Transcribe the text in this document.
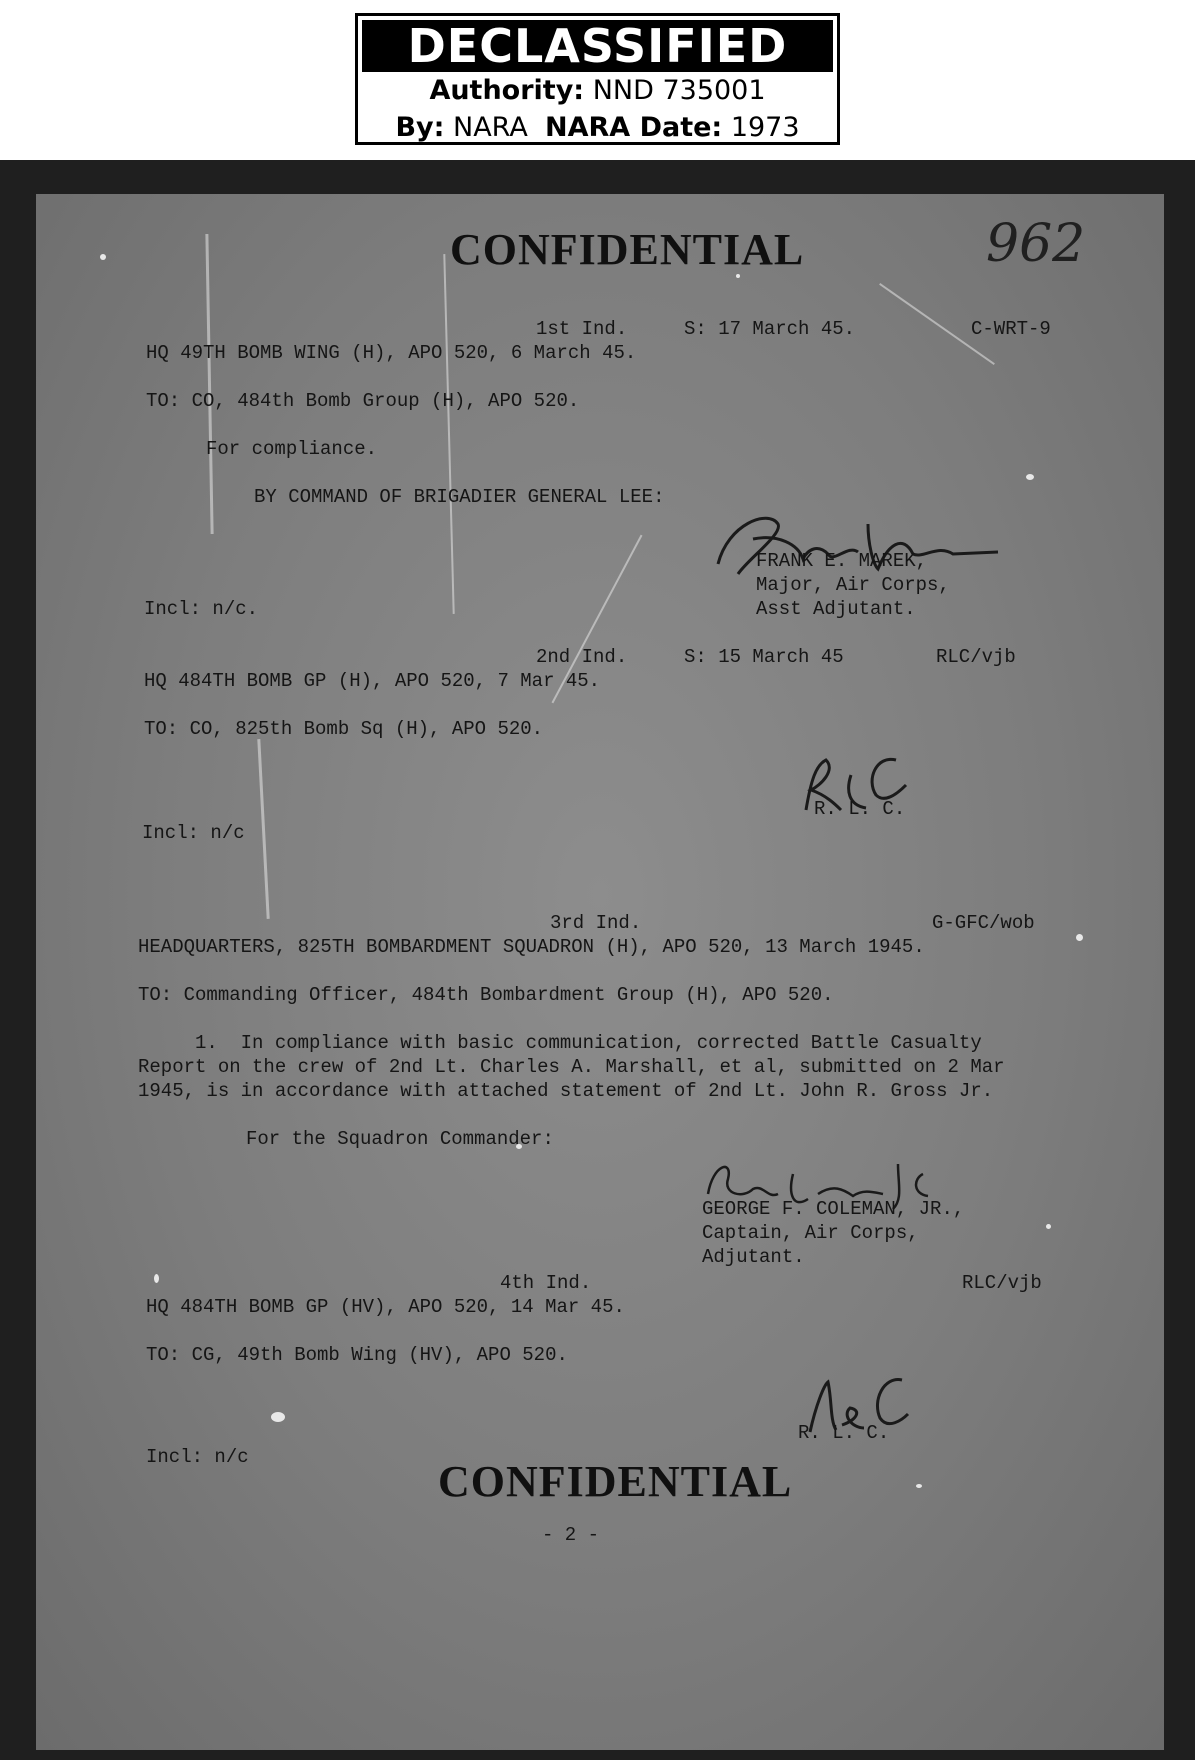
DECLASSIFIED
Authority: NND 735001
By: NARA NARA Date: 1973
CONFIDENTIAL	962
1st Ind.	S: 17 March 45.	C-WRT-9
HQ 49TH BOMB WING (H), APO 520, 6 March 45.
TO: CO, 484th Bomb Group (H), APO 520.
For compliance.
BY COMMAND OF BRIGADIER GENERAL LEE:
FRANK E. MAREK,
Major, Air Corps,
Asst Adjutant.
Incl: n/c.
2nd Ind.	S: 15 March 45	RLC/vjb
HQ 484TH BOMB GP (H), APO 520, 7 Mar 45.
TO: CO, 825th Bomb Sq (H), APO 520.
R. L. C.
Incl: n/c
3rd Ind.	G-GFC/wob
HEADQUARTERS, 825TH BOMBARDMENT SQUADRON (H), APO 520, 13 March 1945.
TO: Commanding Officer, 484th Bombardment Group (H), APO 520.
1.  In compliance with basic communication, corrected Battle Casualty
Report on the crew of 2nd Lt. Charles A. Marshall, et al, submitted on 2 Mar
1945, is in accordance with attached statement of 2nd Lt. John R. Gross Jr.
For the Squadron Commander:
GEORGE F. COLEMAN, JR.,
Captain, Air Corps,
Adjutant.
4th Ind.	RLC/vjb
HQ 484TH BOMB GP (HV), APO 520, 14 Mar 45.
TO: CG, 49th Bomb Wing (HV), APO 520.
R. L. C.
Incl: n/c	CONFIDENTIAL
- 2 -
